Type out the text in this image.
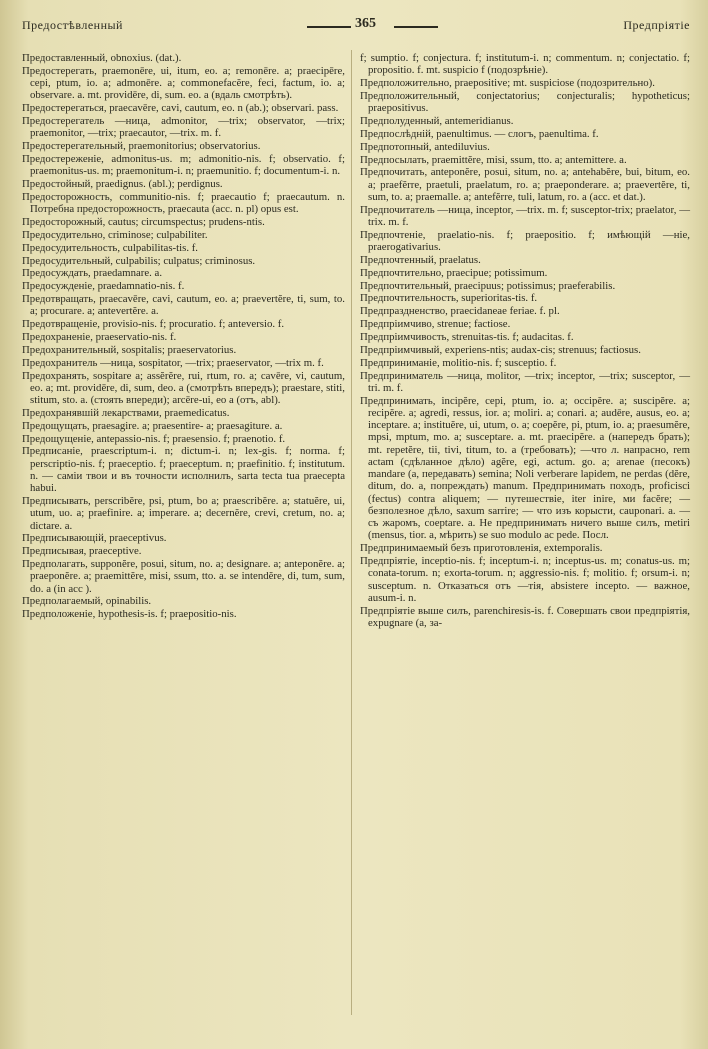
Предостѣвлeнный	365	Предпріятіе

Предоставленный, obnoxius. (dat.).

Предостерегать, praemonēre, ui, itum, eo. a; remonēre. a; praecipēre, cepi, ptum, io. a; admonēre. a; commonefacĕre, feci, factum, io. a; observare. a. mt. providēre, di, sum. eo. a (вдаль смотрѣть).

Предостерегаться, praecavēre, cavi, cautum, eo. n (ab.); observari. pass.

Предостерегатель —ница, admonitor, —trix; observator, —trix; praemonitor, —trix; praecautor, —trix. m. f.

Предостерегательный, praemonitorius; observatorius.

Предостереженіе, admonitus-us. m; admonitio-nis. f; observatio. f; praemonitus-us. m; praemonitum-i. n; praemunitio. f; documentum-i. n.

Предостойный, praedignus. (abl.); perdignus.

Предосторожность, communitio-nis. f; praecautio f; praecautum. n. Потребна предосторожность, praecauta (acc. n. pl) opus est.

Предосторожный, cautus; circumspectus; prudens-ntis.

Предосудительно, criminose; culpabiliter.

Предосудительность, culpabilitas-tis. f.

Предосудительный, culpabilis; culpatus; criminosus.

Предосуждать, praedamnare. a.

Предосужденіе, praedamnatio-nis. f.

Предотвращать, praecavēre, cavi, cautum, eo. a; praevertĕre, ti, sum, to. a; procurare. a; antevertĕre. a.

Предотвращеніе, provisio-nis. f; procuratio. f; anteversio. f.

Предохраненіе, praeservatio-nis. f.

Предохранительный, sospitalis; praeservatorius.

Предохранитель —ница, sospitator, —trix; praeservator, —trix m. f.

Предохранять, sospitare a; assĕrĕre, rui, rtum, ro. a; cavēre, vi, cautum, eo. a; mt. providēre, di, sum, deo. a (смотрѣть впередъ); praestare, stiti, stitum, sto. a. (стоять впереди); arcēre-ui, eo a (отъ, abl).

Предохранявшій лекарствами, praemedicatus.

Предощущать, praesagire. a; praesentire- a; praesagiture. a.

Предощущеніе, antepassio-nis. f; praesensio. f; praenotio. f.

Предписаніе, praescriptum-i. n; dictum-i. n; lex-gis. f; norma. f; perscriptio-nis. f; praeceptio. f; praeceptum. n; praefinitio. f; institutum. n. — саміи твои и въ точности исполнилъ, sarta tecta tua praecepta habui.

Предписывать, perscribĕre, psi, ptum, bo a; praescribĕre. a; statuĕre, ui, utum, uo. a; praefinire. a; imperare. a; decernĕre, crevi, cretum, no. a; dictare. a.

Предписывающій, praeceptivus.

Предписывая, praeceptive.

Предполагать, supponĕre, posui, situm, no. a; designare. a; anteponĕre. a; praeponĕre. a; praemittĕre, misi, ssum, tto. a. se intendĕre, di, tum, sum, do. a (in acc ).

Предполагаемый, opinabilis.

Предположеніе, hypothesis-is. f; praepositio-nis.

f; sumptio. f; conjectura. f; institutum-i. n; commentum. n; conjectatio. f; propositio. f. mt. suspicio f (подозрѣніе).

Предположительно, praepositive; mt. suspiciose (подозрительно).

Предположительный, conjectatorius; conjecturalis; hypotheticus; praepositivus.

Предполуденный, antemeridianus.

Предпослѣдній, paenultimus. — слогъ, paenultima. f.

Предпотопный, antediluvius.

Предпосылать, praemittĕre, misi, ssum, tto. a; antemittere. a.

Предпочитать, anteponĕre, posui, situm, no. a; antehabĕre, bui, bitum, eo. a; praefĕrre, praetuli, praelatum, ro. a; praeponderare. a; praevertĕre, ti, sum, to. a; praemalle. a; antefĕrre, tuli, latum, ro. a (acc. et dat.).

Предпочитатель —ница, inceptor, —trix. m. f; susceptor-trix; praelator, —trix. m. f.

Предпочтеніе, praelatio-nis. f; praepositio. f; имѣющій —ніе, praerogativarius.

Предпочтенный, praelatus.

Предпочтительно, praecipue; potissimum.

Предпочтительный, praecipuus; potissimus; praeferabilis.

Предпочтительность, superioritas-tis. f.

Предпраздненство, praecidaneae feriae. f. pl.

Предпріимчиво, strenue; factiose.

Предпріимчивость, strenuitas-tis. f; audacitas. f.

Предпріимчивый, experiens-ntis; audax-cis; strenuus; factiosus.

Предприниманіе, molitio-nis. f; susceptio. f.

Предприниматель —ница, molitor, —trix; inceptor, —trix; susceptor, —tri. m. f.

Предпринимать, incipĕre, cepi, ptum, io. a; occipĕre. a; suscipĕre. a; recipĕre. a; agredi, ressus, ior. a; moliri. a; conari. a; audēre, ausus, eo. a; inceptare. a; instituĕre, ui, utum, o. a; coepĕre, pi, ptum, io. a; praesumĕre, mpsi, mptum, mo. a; susceptare. a. mt. praecipĕre. a (напередъ брать); mt. repetĕre, tii, tivi, titum, to. a (требовать); —что л. напрасно, rem actam (сдѣланное дѣло) agĕre, egi, actum. go. a; arenae (песокъ) mandare (a, передавать) semina; Noli verberare lapidem, ne perdas (dĕre, ditum, do. a, попреждать) manum. Предпринимать походъ, proficisci (fectus) contra aliquem; — путешествіе, iter inire, ми facĕre; — безполезное дѣло, saxum sarrire; — что изъ корысти, cauponari. a. — съ жаромъ, coeptare. a. Не предпринимать ничего выше силъ, metiri (mensus, tior. a, мѣрить) se suo modulo ac pede. Посл.

Предпринимаемый безъ приготовленія, extemporalis.

Предпріятіе, inceptio-nis. f; inceptum-i. n; inceptus-us. m; conatus-us. m; conata-torum. n; exorta-torum. n; aggressio-nis. f; molitio. f; orsum-i. n; susceptum. n. Отказаться отъ —тія, absistere incepto. — важное, ausum-i. n.

Предпріятіе выше силъ, parenchiresis-is. f. Совершать свои предпріятія, expugnare (a, за-
